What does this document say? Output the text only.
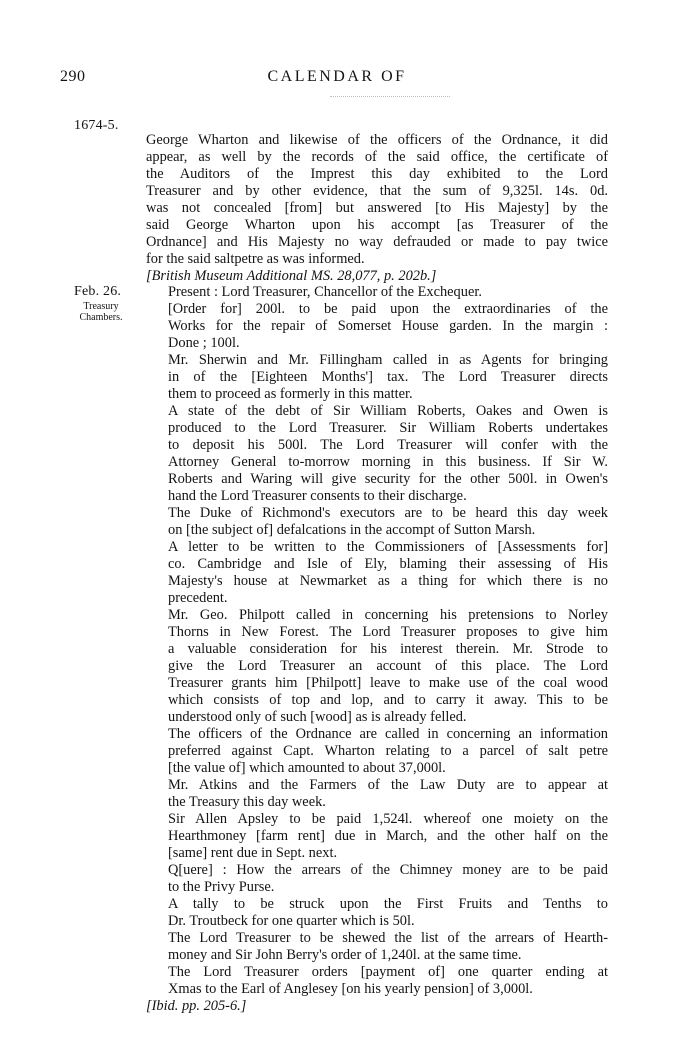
290	CALENDAR OF
1674-5.

George Wharton and likewise of the officers of the Ordnance, it did
appear, as well by the records of the said office, the certificate of
the Auditors of the Imprest this day exhibited to the Lord
Treasurer and by other evidence, that the sum of 9,325l. 14s. 0d.
was not concealed [from] but answered [to His Majesty] by the
said George Wharton upon his accompt [as Treasurer of the
Ordnance] and His Majesty no way defrauded or made to pay twice
for the said saltpetre as was informed.

[British Museum Additional MS. 28,077, p. 202b.]

Feb. 26.
Treasury
Chambers.

Present : Lord Treasurer, Chancellor of the Exchequer.

[Order for] 200l. to be paid upon the extraordinaries of the
Works for the repair of Somerset House garden. In the margin :
Done ; 100l.

Mr. Sherwin and Mr. Fillingham called in as Agents for bringing
in of the [Eighteen Months'] tax. The Lord Treasurer directs
them to proceed as formerly in this matter.

A state of the debt of Sir William Roberts, Oakes and Owen is
produced to the Lord Treasurer. Sir William Roberts undertakes
to deposit his 500l. The Lord Treasurer will confer with the
Attorney General to-morrow morning in this business. If Sir W.
Roberts and Waring will give security for the other 500l. in Owen's
hand the Lord Treasurer consents to their discharge.

The Duke of Richmond's executors are to be heard this day week
on [the subject of] defalcations in the accompt of Sutton Marsh.

A letter to be written to the Commissioners of [Assessments for]
co. Cambridge and Isle of Ely, blaming their assessing of His
Majesty's house at Newmarket as a thing for which there is no
precedent.

Mr. Geo. Philpott called in concerning his pretensions to Norley
Thorns in New Forest. The Lord Treasurer proposes to give him
a valuable consideration for his interest therein. Mr. Strode to
give the Lord Treasurer an account of this place. The Lord
Treasurer grants him [Philpott] leave to make use of the coal wood
which consists of top and lop, and to carry it away. This to be
understood only of such [wood] as is already felled.

The officers of the Ordnance are called in concerning an information
preferred against Capt. Wharton relating to a parcel of salt petre
[the value of] which amounted to about 37,000l.

Mr. Atkins and the Farmers of the Law Duty are to appear at
the Treasury this day week.

Sir Allen Apsley to be paid 1,524l. whereof one moiety on the
Hearthmoney [farm rent] due in March, and the other half on the
[same] rent due in Sept. next.

Q[uere] : How the arrears of the Chimney money are to be paid
to the Privy Purse.

A tally to be struck upon the First Fruits and Tenths to
Dr. Troutbeck for one quarter which is 50l.

The Lord Treasurer to be shewed the list of the arrears of Hearth-
money and Sir John Berry's order of 1,240l. at the same time.

The Lord Treasurer orders [payment of] one quarter ending at
Xmas to the Earl of Anglesey [on his yearly pension] of 3,000l.

[Ibid. pp. 205-6.]
